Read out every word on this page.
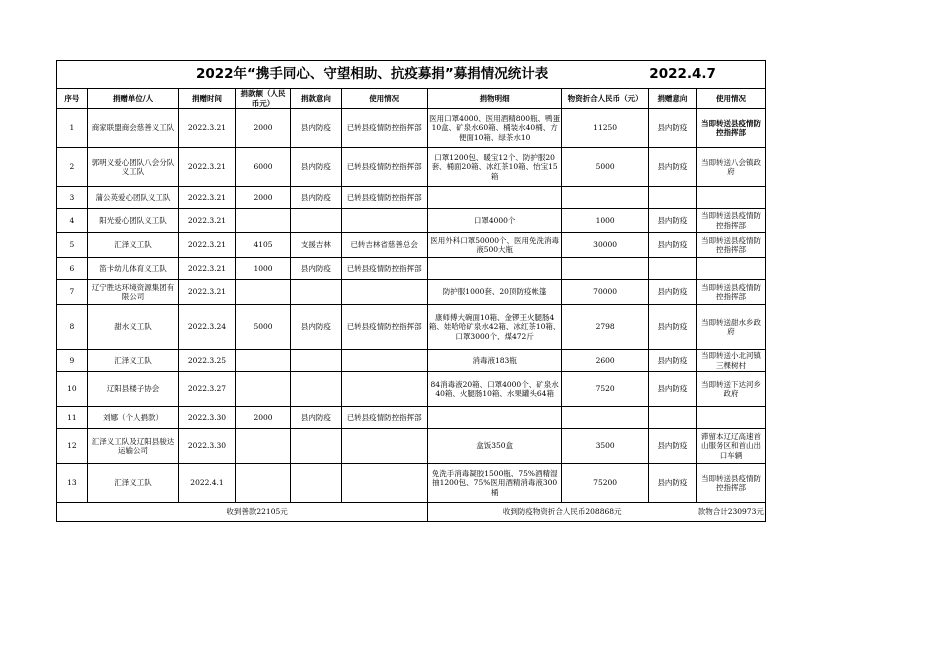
2022年“携手同心、守望相助、抗疫募捐”募捐情况统计表								2022.4.7	
序号	捐赠单位/人	捐赠时间	捐款额（人民币元）	捐款意向	使用情况	捐物明细	物资折合人民币（元）	捐赠意向	使用情况
1	商家联盟商会慈善义工队	2022.3.21	2000	县内防疫	已转县疫情防控指挥部	医用口罩4000、医用酒精800瓶、鸭蛋10盒、矿泉水60箱、桶装水40桶、方便面10箱、绿茶水10	11250	县内防疫	当即转送县疫情防控指挥部
2	郭明义爱心团队八会分队义工队	2022.3.21	6000	县内防疫	已转县疫情防控指挥部	口罩1200包、暖宝12个、防护服20套、桶面20箱、冰红茶10箱、怡宝15箱	5000	县内防疫	当即转送八会镇政府
3	蒲公英爱心团队义工队	2022.3.21	2000	县内防疫	已转县疫情防控指挥部				
4	阳光爱心团队义工队	2022.3.21				口罩4000个	1000	县内防疫	当即转送县疫情防控指挥部
5	汇泽义工队	2022.3.21	4105	支援吉林	已转吉林省慈善总会	医用外科口罩50000个、医用免洗消毒液500大瓶	30000	县内防疫	当即转送县疫情防控指挥部
6	笛卡幼儿体育义工队	2022.3.21	1000	县内防疫	已转县疫情防控指挥部				
7	辽宁胜达环境资源集团有限公司	2022.3.21				防护服1000套、20顶防疫帐篷	70000	县内防疫	当即转送县疫情防控指挥部
8	甜水义工队	2022.3.24	5000	县内防疫	已转县疫情防控指挥部	康师傅大碗面10箱、金锣王火腿肠4箱、娃哈哈矿泉水42箱、冰红茶10箱、口罩3000个、煤472斤	2798	县内防疫	当即转送甜水乡政府
9	汇泽义工队	2022.3.25				消毒液183瓶	2600	县内防疫	当即转送小北河镇三棵树村
10	辽阳县楼子协会	2022.3.27				84消毒液20箱、口罩4000个、矿泉水40箱、火腿肠10箱、水果罐头64箱	7520	县内防疫	当即转送下达河乡政府
11	刘娜（个人捐款）	2022.3.30	2000	县内防疫	已转县疫情防控指挥部				
12	汇泽义工队及辽阳县骏达运输公司	2022.3.30				盒饭350盒	3500	县内防疫	滞留本辽辽高速首山服务区和首山出口车辆
13	汇泽义工队	2022.4.1				免洗手消毒凝胶1500瓶、75%酒精湿抽1200包、75%医用酒精消毒液300桶	75200	县内防疫	当即转送县疫情防控指挥部
	收到善款22105元					收到防疫物资折合人民币208868元			款物合计230973元
